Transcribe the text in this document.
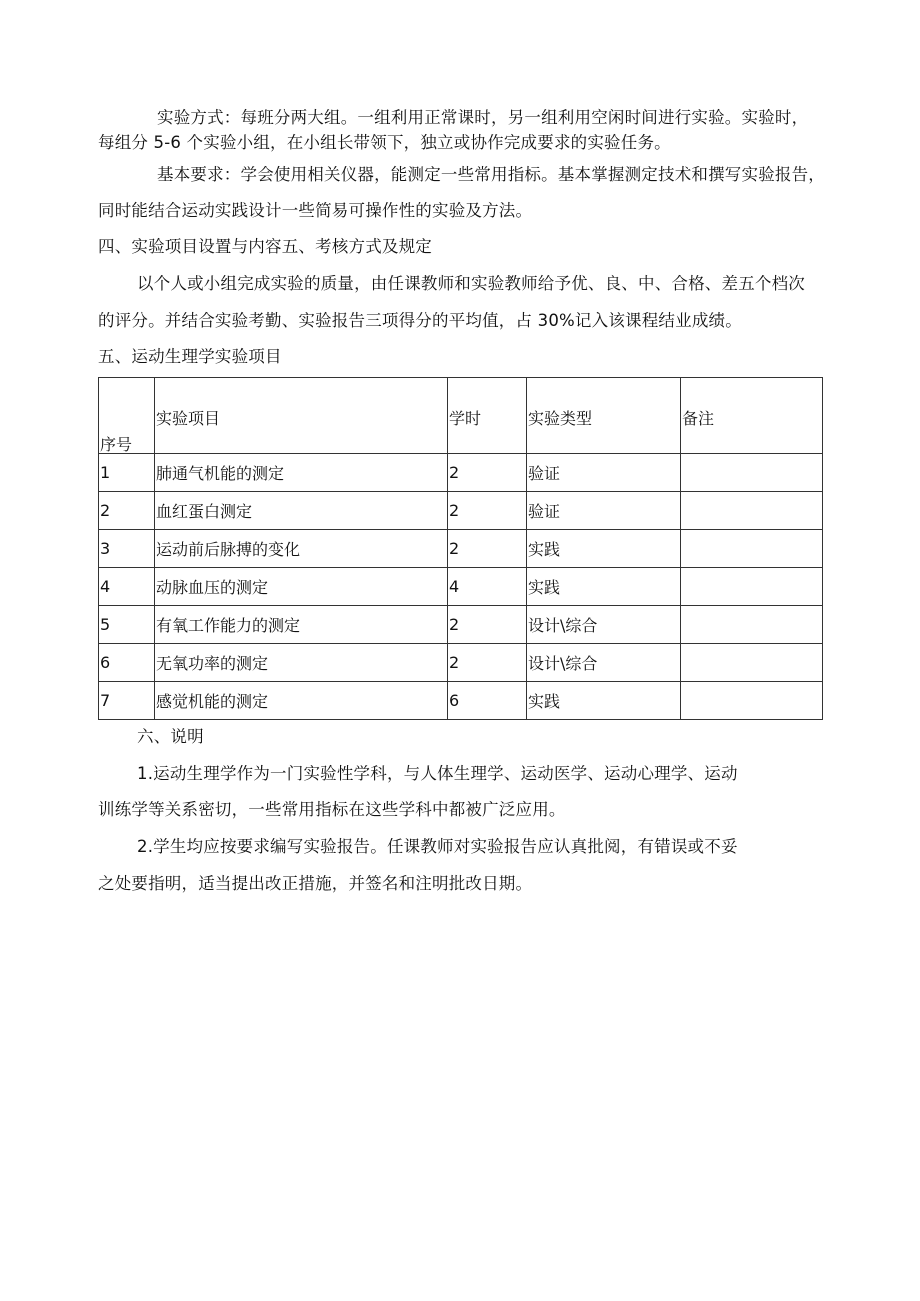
实验方式：每班分两大组。一组利用正常课时，另一组利用空闲时间进行实验。实验时，
每组分 5-6 个实验小组，在小组长带领下，独立或协作完成要求的实验任务。
基本要求：学会使用相关仪器，能测定一些常用指标。基本掌握测定技术和撰写实验报告，
同时能结合运动实践设计一些简易可操作性的实验及方法。
四、实验项目设置与内容五、考核方式及规定
以个人或小组完成实验的质量，由任课教师和实验教师给予优、良、中、合格、差五个档次
的评分。并结合实验考勤、实验报告三项得分的平均值，占 30%记入该课程结业成绩。
五、运动生理学实验项目
序号	实验项目	学时	实验类型	备注

1	肺通气机能的测定	2	验证	
2	血红蛋白测定	2	验证	
3	运动前后脉搏的变化	2	实践	
4	动脉血压的测定	4	实践	
5	有氧工作能力的测定	2	设计\综合	
6	无氧功率的测定	2	设计\综合	
7	感觉机能的测定	6	实践	
六、说明
1.运动生理学作为一门实验性学科，与人体生理学、运动医学、运动心理学、运动
训练学等关系密切，一些常用指标在这些学科中都被广泛应用。
2.学生均应按要求编写实验报告。任课教师对实验报告应认真批阅，有错误或不妥
之处要指明，适当提出改正措施，并签名和注明批改日期。
